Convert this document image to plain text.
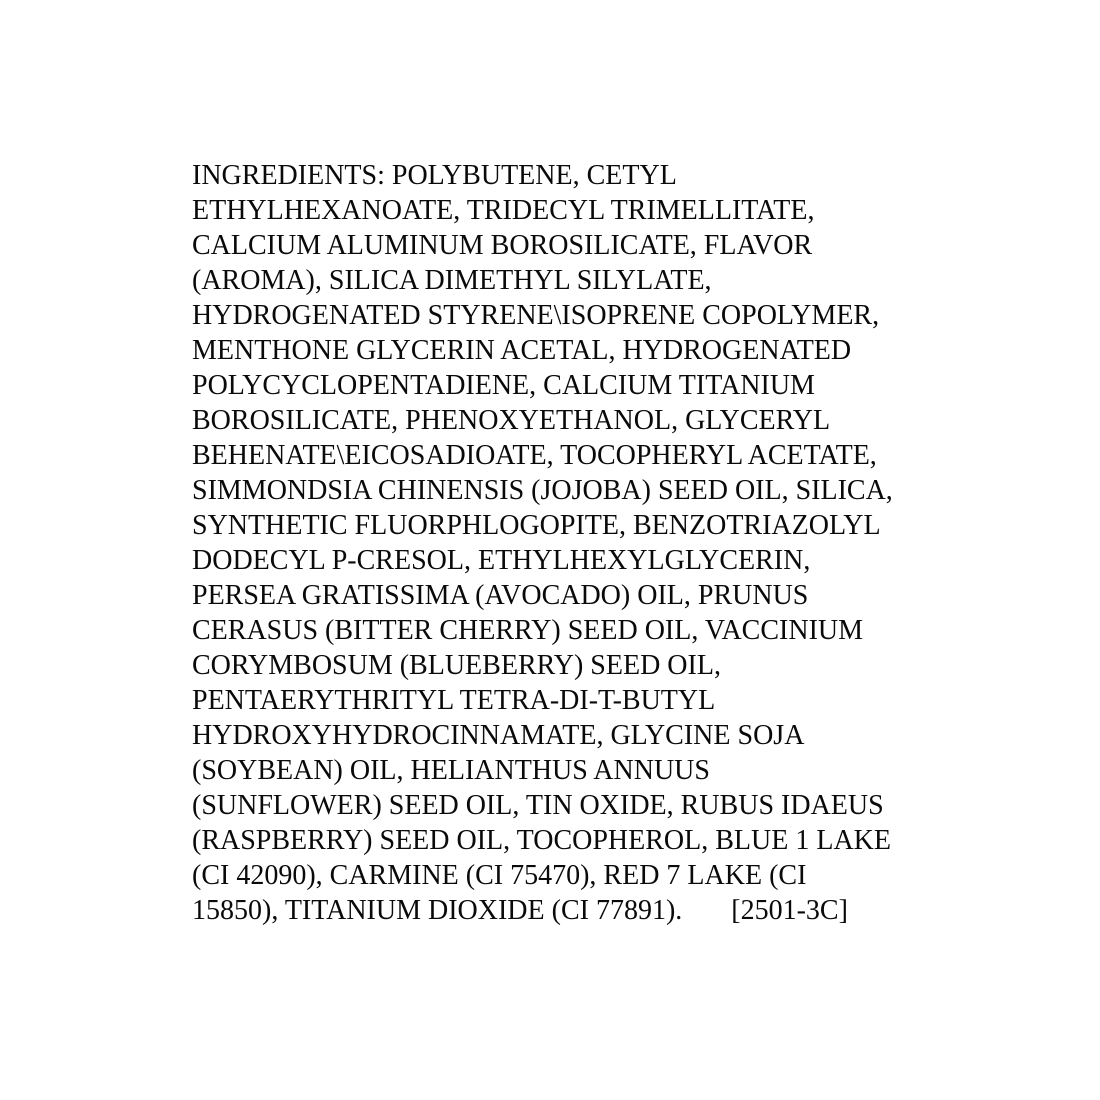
INGREDIENTS: POLYBUTENE, CETYL
ETHYLHEXANOATE, TRIDECYL TRIMELLITATE,
CALCIUM ALUMINUM BOROSILICATE, FLAVOR
(AROMA), SILICA DIMETHYL SILYLATE,
HYDROGENATED STYRENE\ISOPRENE COPOLYMER,
MENTHONE GLYCERIN ACETAL, HYDROGENATED
POLYCYCLOPENTADIENE, CALCIUM TITANIUM
BOROSILICATE, PHENOXYETHANOL, GLYCERYL
BEHENATE\EICOSADIOATE, TOCOPHERYL ACETATE,
SIMMONDSIA CHINENSIS (JOJOBA) SEED OIL, SILICA,
SYNTHETIC FLUORPHLOGOPITE, BENZOTRIAZOLYL
DODECYL P-CRESOL, ETHYLHEXYLGLYCERIN,
PERSEA GRATISSIMA (AVOCADO) OIL, PRUNUS
CERASUS (BITTER CHERRY) SEED OIL, VACCINIUM
CORYMBOSUM (BLUEBERRY) SEED OIL,
PENTAERYTHRITYL TETRA-DI-T-BUTYL
HYDROXYHYDROCINNAMATE, GLYCINE SOJA
(SOYBEAN) OIL, HELIANTHUS ANNUUS
(SUNFLOWER) SEED OIL, TIN OXIDE, RUBUS IDAEUS
(RASPBERRY) SEED OIL, TOCOPHEROL, BLUE 1 LAKE
(CI 42090), CARMINE (CI 75470), RED 7 LAKE (CI
15850), TITANIUM DIOXIDE (CI 77891).       [2501-3C]
